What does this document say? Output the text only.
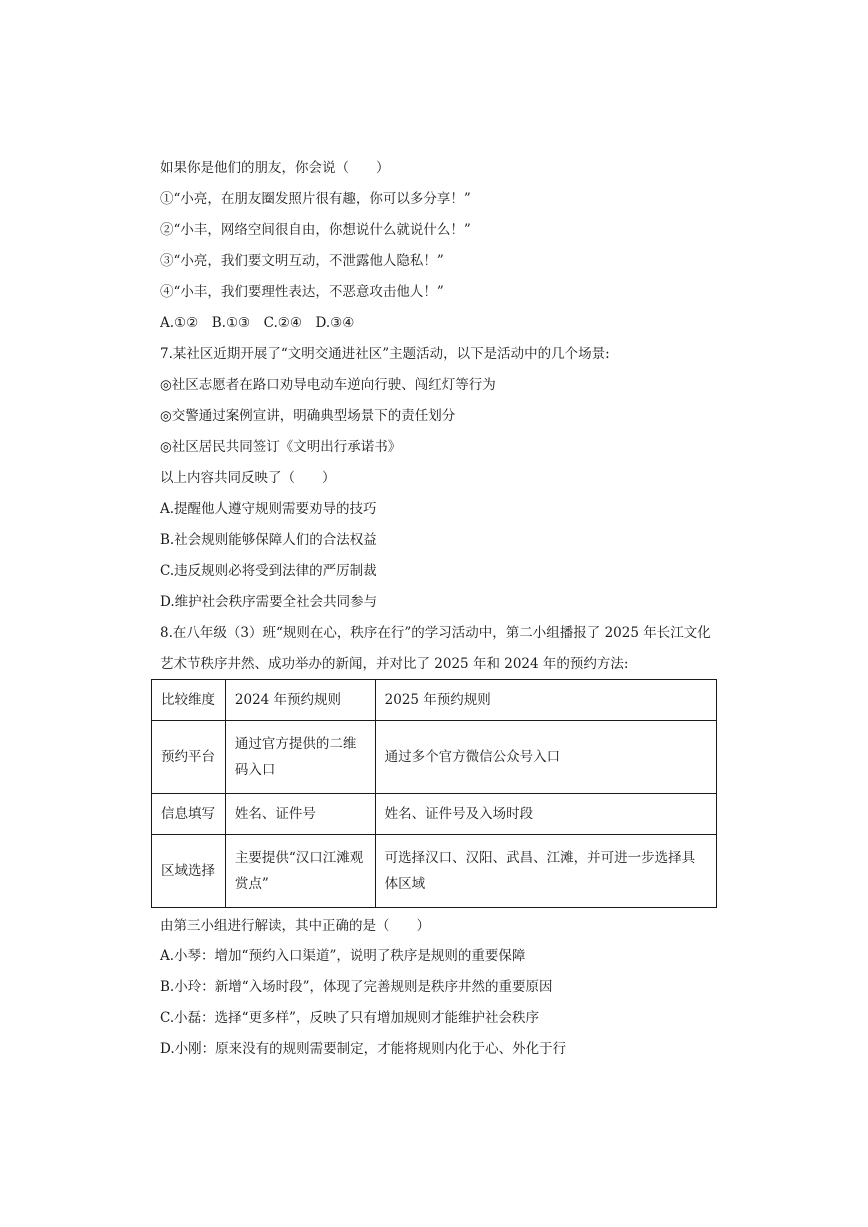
如果你是他们的朋友，你会说（　　）
①“小亮，在朋友圈发照片很有趣，你可以多分享！”
②“小丰，网络空间很自由，你想说什么就说什么！”
③“小亮，我们要文明互动，不泄露他人隐私！”
④“小丰，我们要理性表达，不恶意攻击他人！”
A.①②　B.①③　C.②④　D.③④
7.某社区近期开展了“文明交通进社区”主题活动，以下是活动中的几个场景:
◎社区志愿者在路口劝导电动车逆向行驶、闯红灯等行为
◎交警通过案例宣讲，明确典型场景下的责任划分
◎社区居民共同签订《文明出行承诺书》
以上内容共同反映了（　　）
A.提醒他人遵守规则需要劝导的技巧
B.社会规则能够保障人们的合法权益
C.违反规则必将受到法律的严厉制裁
D.维护社会秩序需要全社会共同参与
8.在八年级（3）班“规则在心，秩序在行”的学习活动中，第二小组播报了 2025 年长江文化
艺术节秩序井然、成功举办的新闻，并对比了 2025 年和 2024 年的预约方法:
比较维度	2024 年预约规则	2025 年预约规则
预约平台	通过官方提供的二维码入口	通过多个官方微信公众号入口
信息填写	姓名、证件号	姓名、证件号及入场时段
区域选择	主要提供“汉口江滩观赏点”	可选择汉口、汉阳、武昌、江滩，并可进一步选择具体区域
由第三小组进行解读，其中正确的是（　　）
A.小琴：增加“预约入口渠道”，说明了秩序是规则的重要保障
B.小玲：新增“入场时段”，体现了完善规则是秩序井然的重要原因
C.小磊：选择“更多样”，反映了只有增加规则才能维护社会秩序
D.小刚：原来没有的规则需要制定，才能将规则内化于心、外化于行
